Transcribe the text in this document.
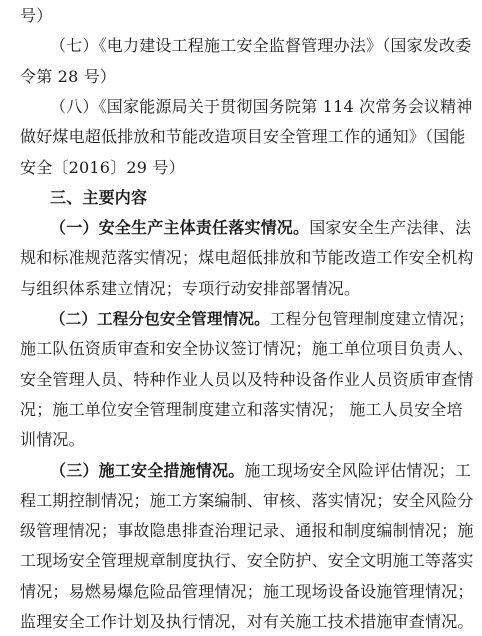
号）
（七）《电力建设工程施工安全监督管理办法》（国家发改委
令第 28 号）
（八）《国家能源局关于贯彻国务院第 114 次常务会议精神
做好煤电超低排放和节能改造项目安全管理工作的通知》（国能
安全〔2016〕29 号）
三、主要内容
（一）安全生产主体责任落实情况。国家安全生产法律、法
规和标准规范落实情况；煤电超低排放和节能改造工作安全机构
与组织体系建立情况；专项行动安排部署情况。
（二）工程分包安全管理情况。工程分包管理制度建立情况；
施工队伍资质审查和安全协议签订情况；施工单位项目负责人、
安全管理人员、特种作业人员以及特种设备作业人员资质审查情
况；施工单位安全管理制度建立和落实情况； 施工人员安全培
训情况。
（三）施工安全措施情况。施工现场安全风险评估情况；工
程工期控制情况；施工方案编制、审核、落实情况；安全风险分
级管理情况；事故隐患排查治理记录、通报和制度编制情况；施
工现场安全管理规章制度执行、安全防护、安全文明施工等落实
情况；易燃易爆危险品管理情况；施工现场设备设施管理情况；
监理安全工作计划及执行情况，对有关施工技术措施审查情况。
